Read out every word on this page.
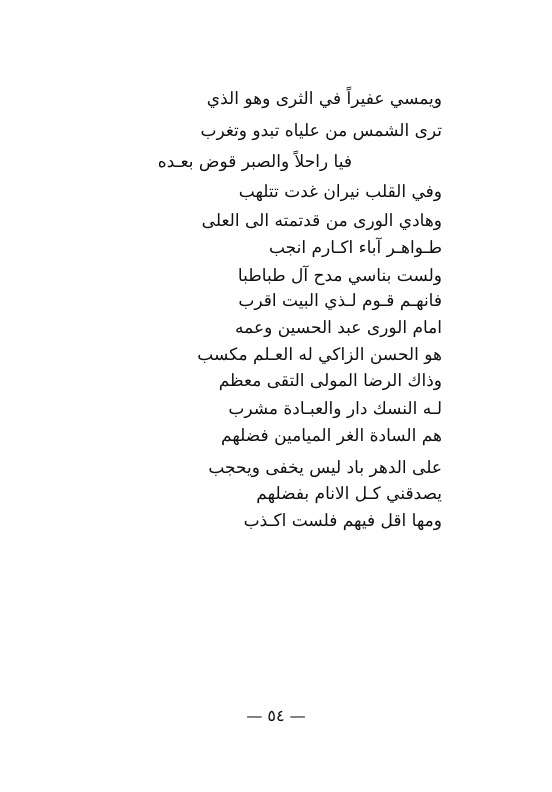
ويمسي عفيراً في الثرى وهو الذي
ترى الشمس من علياه تبدو وتغرب
فيا راحلاً والصبر قوض بعـده
وفي القلب نيران غدت تتلهب
وهادي الورى من قدتمته الى العلى
طـواهـر آباء اكـارم انجب
ولست بناسي مدح آل طباطبا
فانهـم قـوم لـذي البيت اقرب
امام الورى عبد الحسين وعمه
هو الحسن الزاكي له العـلم مكسب
وذاك الرضا المولى التقى معظم
لـه النسك دار والعبـادة مشرب
هم السادة الغر الميامين فضلهم
على الدهر باد ليس يخفى ويحجب
يصدقني كـل الانام بفضلهم
ومها اقل فيهم فلست اكـذب
— ٥٤ —
